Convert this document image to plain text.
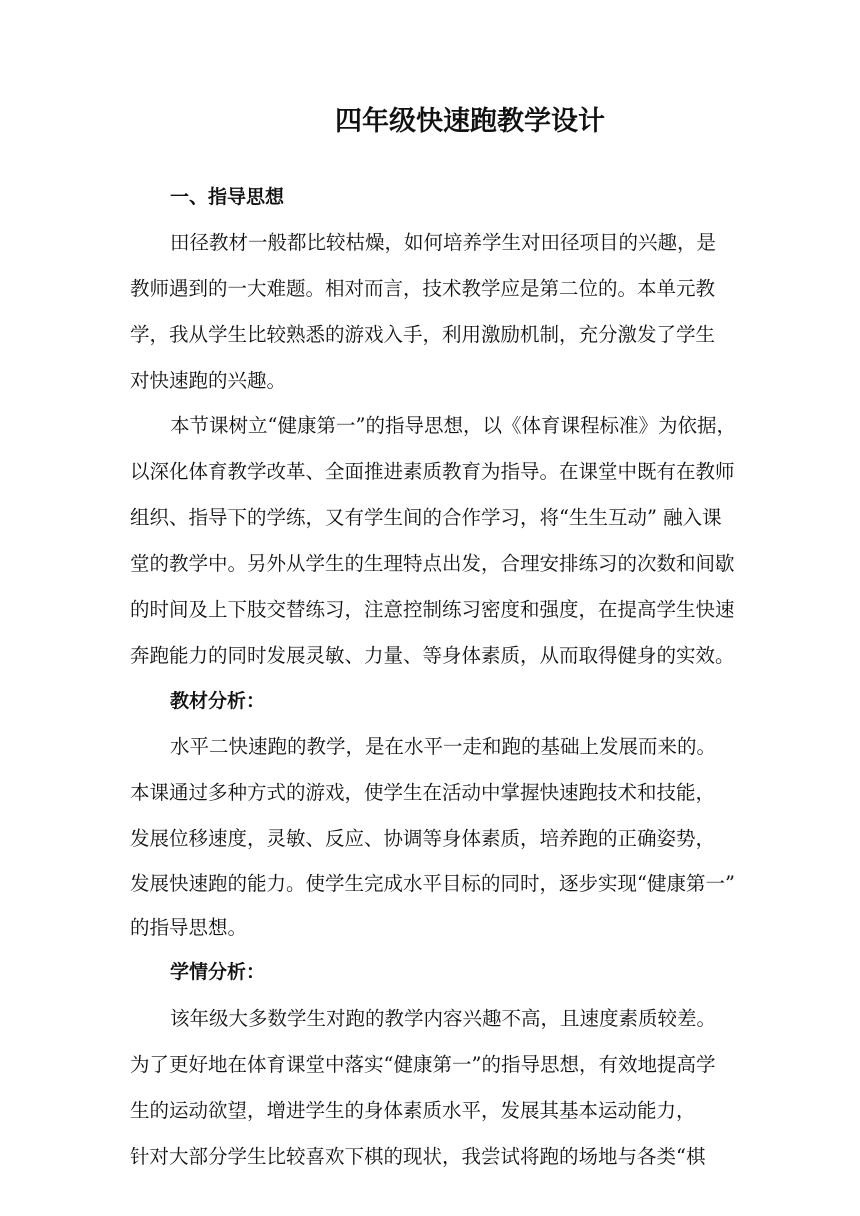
四年级快速跑教学设计
一、指导思想
田径教材一般都比较枯燥，如何培养学生对田径项目的兴趣，是
教师遇到的一大难题。相对而言，技术教学应是第二位的。本单元教
学，我从学生比较熟悉的游戏入手，利用激励机制，充分激发了学生
对快速跑的兴趣。
本节课树立“健康第一”的指导思想，以《体育课程标准》为依据，
以深化体育教学改革、全面推进素质教育为指导。在课堂中既有在教师
组织、指导下的学练，又有学生间的合作学习，将“生生互动” 融入课
堂的教学中。另外从学生的生理特点出发，合理安排练习的次数和间歇
的时间及上下肢交替练习，注意控制练习密度和强度，在提高学生快速
奔跑能力的同时发展灵敏、力量、等身体素质，从而取得健身的实效。
教材分析：
水平二快速跑的教学，是在水平一走和跑的基础上发展而来的。
本课通过多种方式的游戏，使学生在活动中掌握快速跑技术和技能，
发展位移速度，灵敏、反应、协调等身体素质，培养跑的正确姿势，
发展快速跑的能力。使学生完成水平目标的同时，逐步实现“健康第一”
的指导思想。
学情分析：
该年级大多数学生对跑的教学内容兴趣不高，且速度素质较差。
为了更好地在体育课堂中落实“健康第一”的指导思想，有效地提高学
生的运动欲望，增进学生的身体素质水平，发展其基本运动能力，
针对大部分学生比较喜欢下棋的现状，我尝试将跑的场地与各类“棋
